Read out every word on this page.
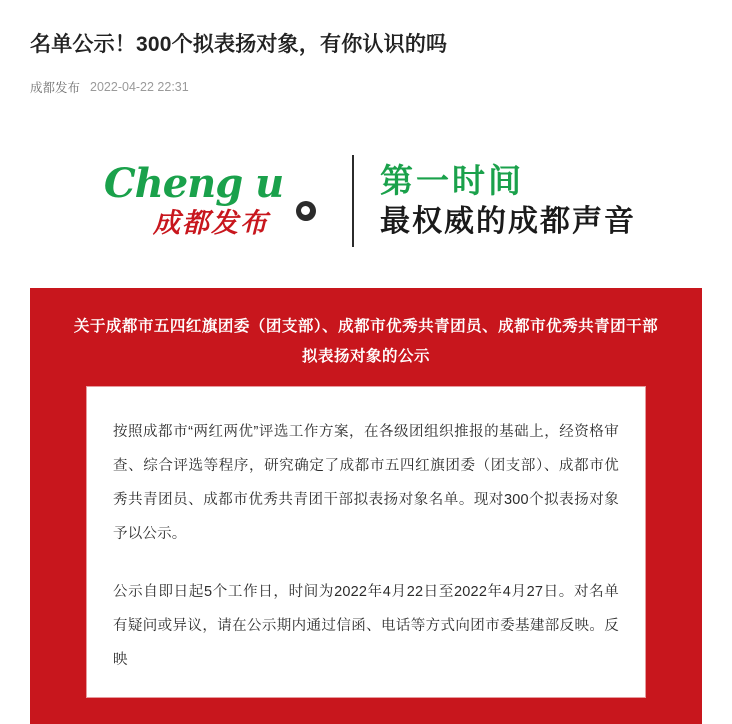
名单公示！300个拟表扬对象，有你认识的吗
成都发布 2022-04-22 22:31
Cheng u
成都发布
第一时间
最权威的成都声音
关于成都市五四红旗团委（团支部）、成都市优秀共青团员、成都市优秀共青团干部拟表扬对象的公示

按照成都市“两红两优”评选工作方案，在各级团组织推报的基础上，经资格审查、综合评选等程序，研究确定了成都市五四红旗团委（团支部）、成都市优秀共青团员、成都市优秀共青团干部拟表扬对象名单。现对300个拟表扬对象予以公示。

公示自即日起5个工作日，时间为2022年4月22日至2022年4月27日。对名单有疑问或异议，请在公示期内通过信函、电话等方式向团市委基建部反映。反映
